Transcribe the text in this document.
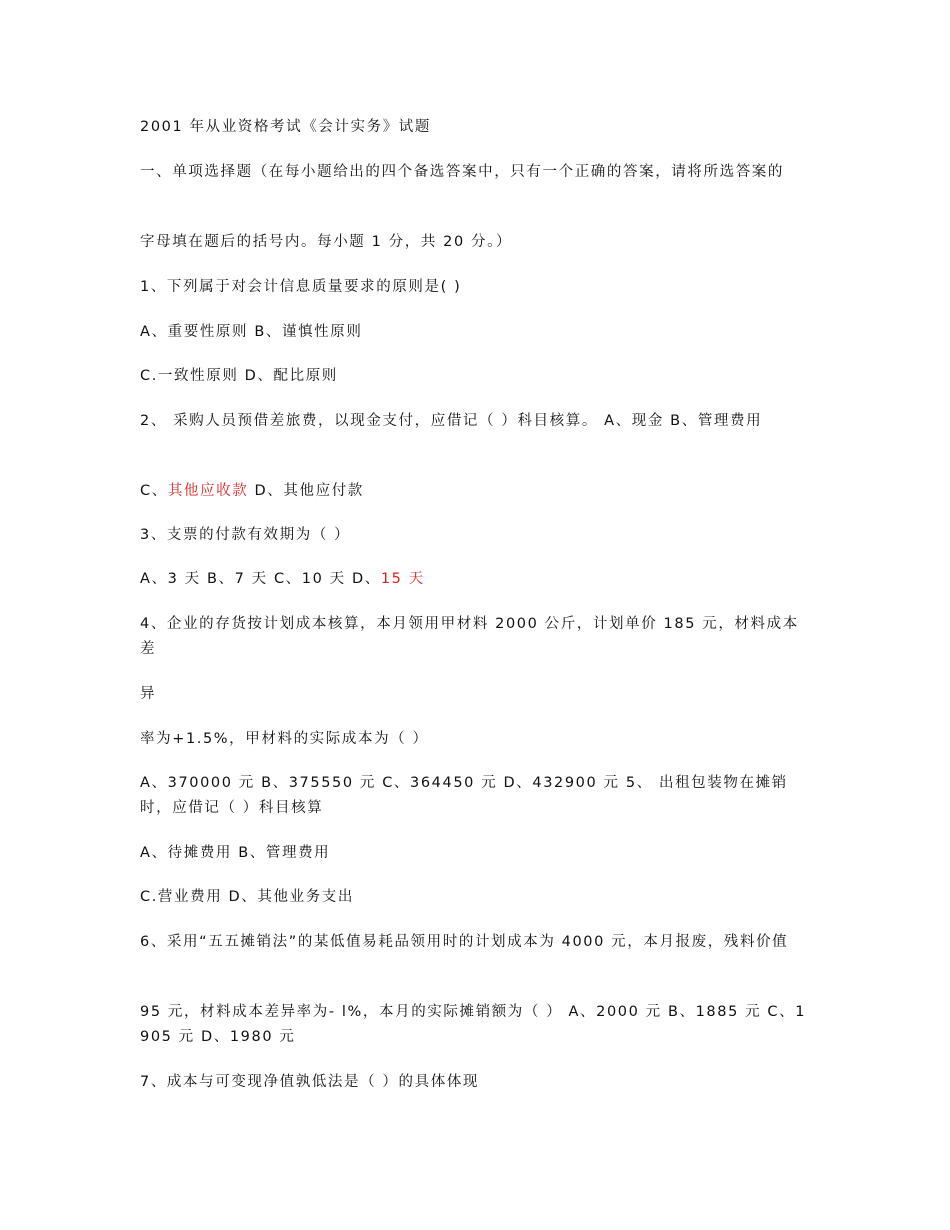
2001 年从业资格考试《会计实务》试题
一、单项选择题（在每小题给出的四个备选答案中，只有一个正确的答案，请将所选答案的
字母填在题后的括号内。每小题 1 分，共 20 分。）
1、下列属于对会计信息质量要求的原则是( )
A、重要性原则 B、谨慎性原则
C.一致性原则 D、配比原则
2、 采购人员预借差旅费，以现金支付，应借记（ ）科目核算。 A、现金 B、管理费用
C、其他应收款 D、其他应付款
3、支票的付款有效期为（ ）
A、3 天 B、7 天 C、10 天 D、15 天
4、企业的存货按计划成本核算，本月领用甲材料 2000 公斤，计划单价 185 元，材料成本差
异
率为+1.5%，甲材料的实际成本为（ ）
A、370000 元 B、375550 元 C、364450 元 D、432900 元 5、 出租包装物在摊销时，应借记（ ）科目核算
A、待摊费用 B、管理费用
C.营业费用 D、其他业务支出
6、采用“五五摊销法”的某低值易耗品领用时的计划成本为 4000 元，本月报废，残料价值
95 元，材料成本差异率为- l%，本月的实际摊销额为（ ） A、2000 元 B、1885 元 C、1905 元 D、1980 元
7、成本与可变现净值孰低法是（ ）的具体体现
